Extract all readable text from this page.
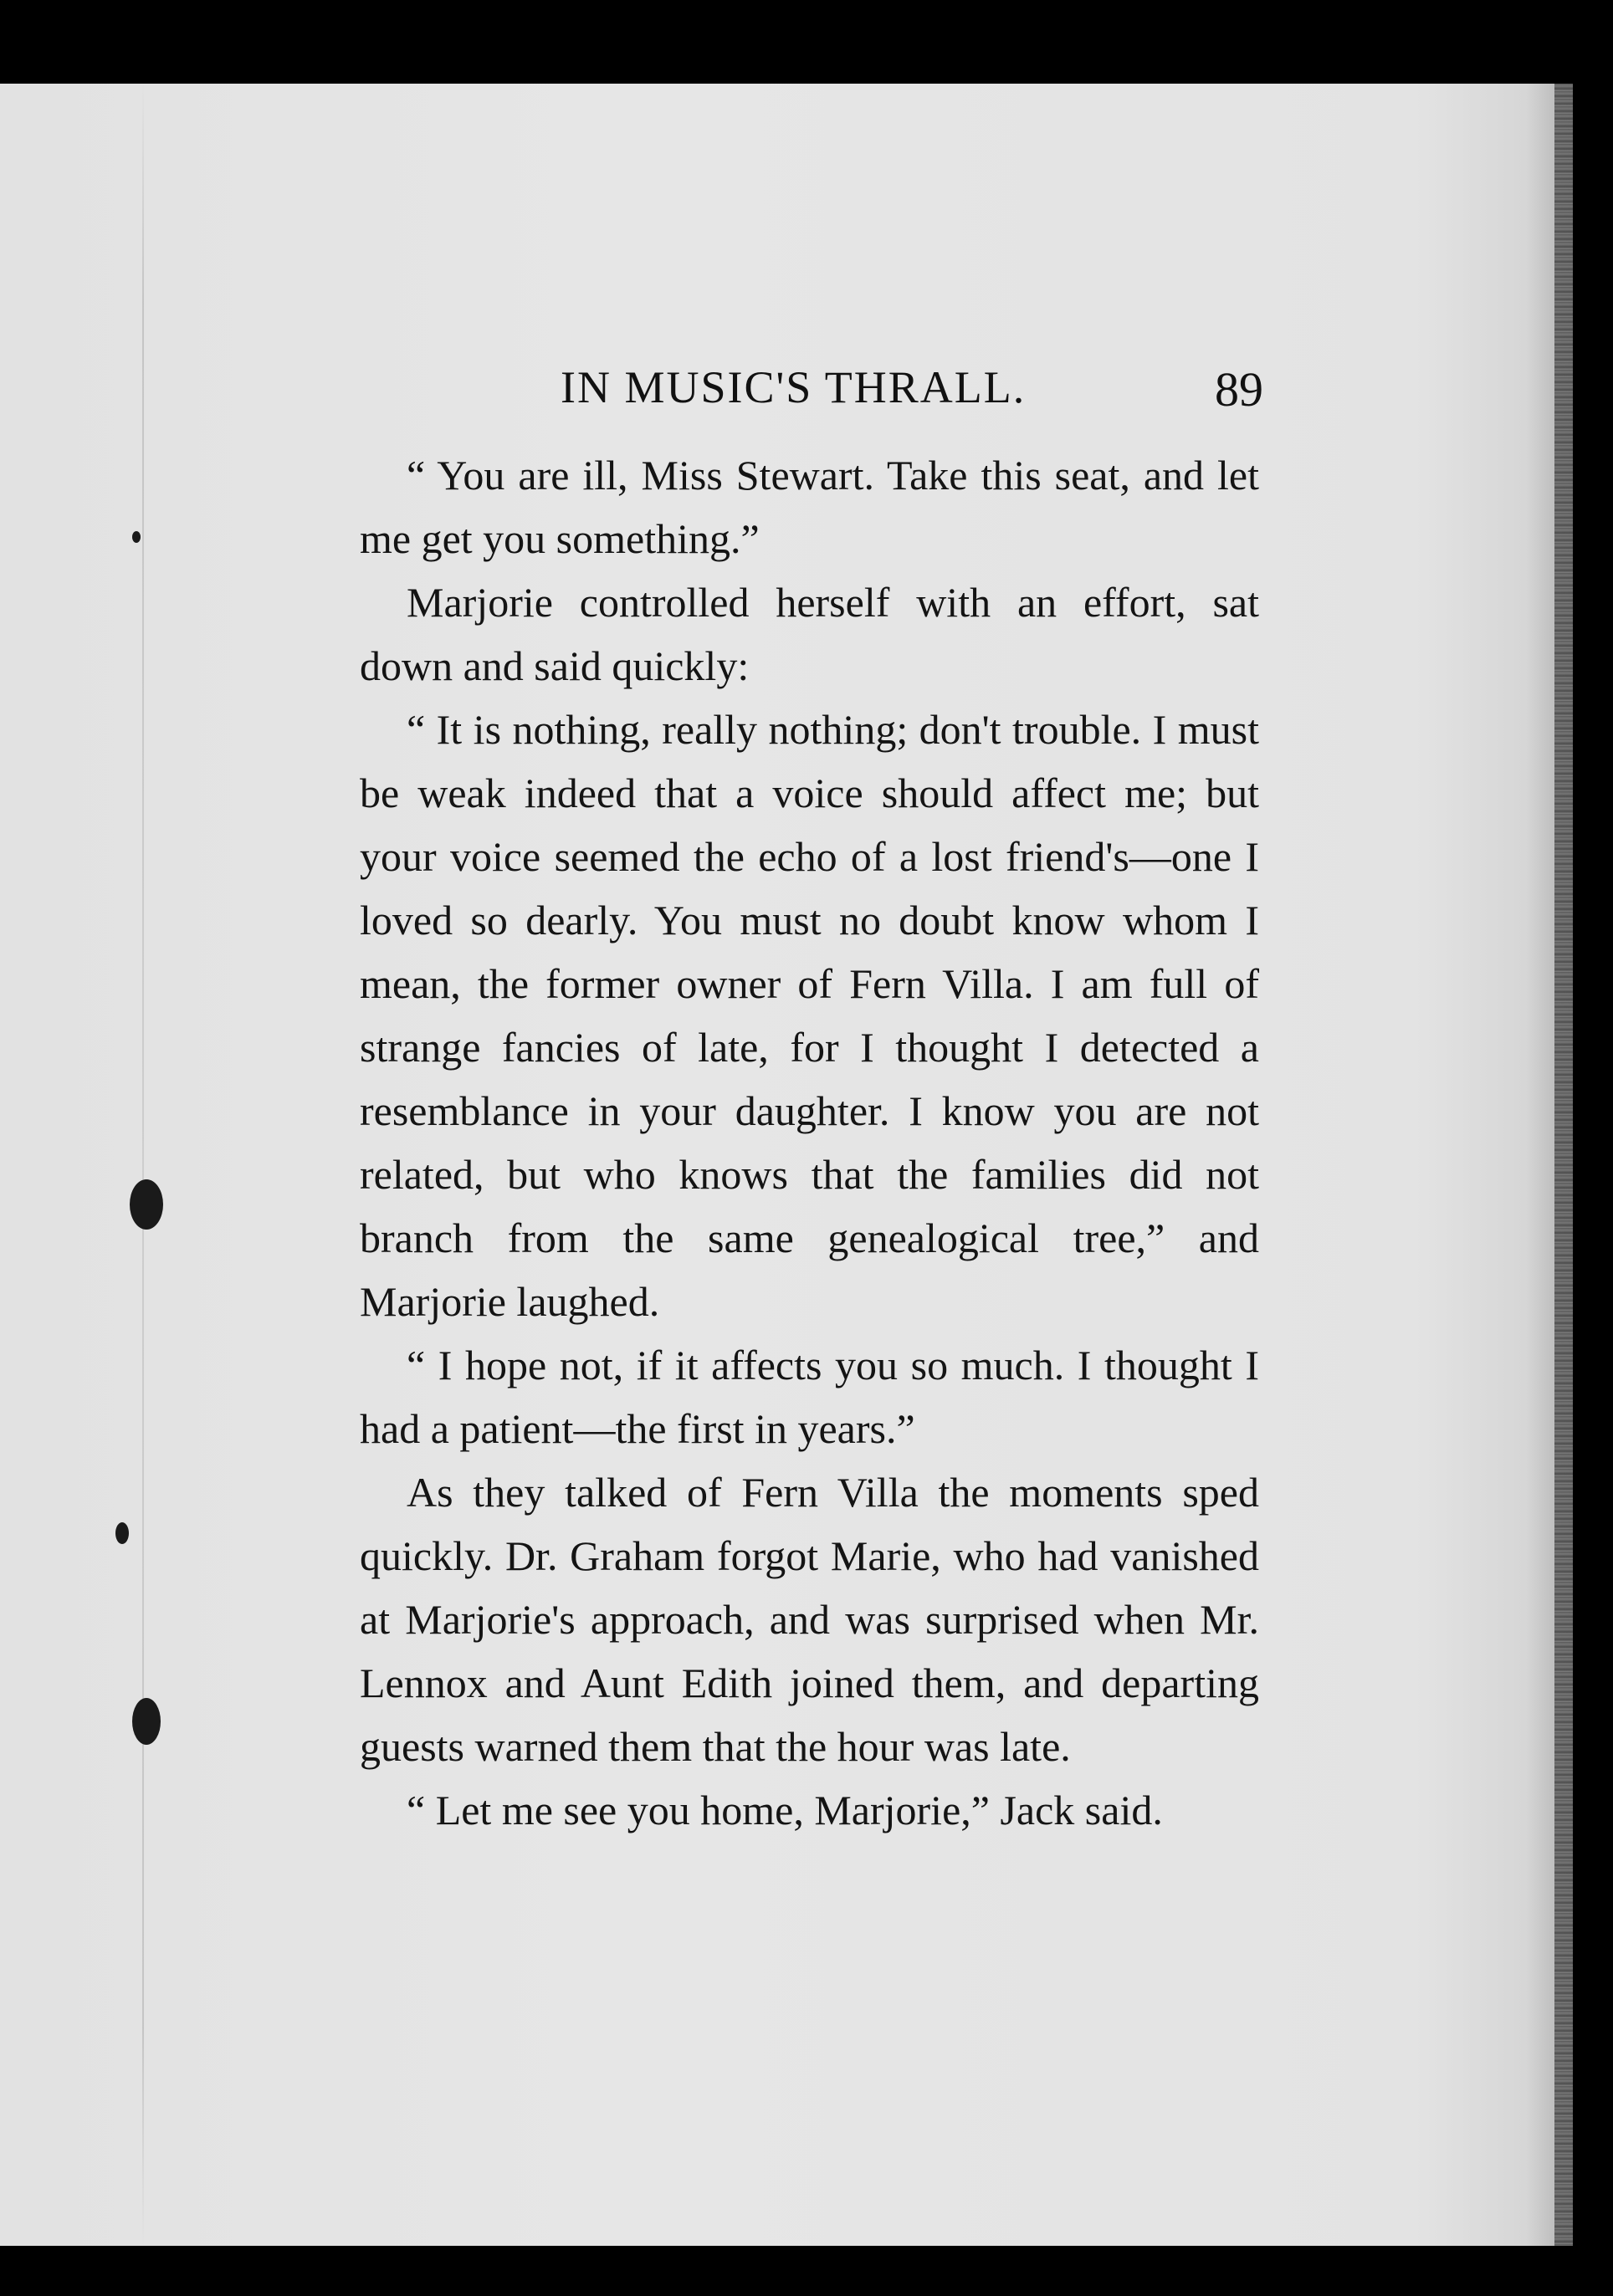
IN MUSIC'S THRALL.	89

“ You are ill, Miss Stewart. Take this seat, and let me get you something.”

Marjorie controlled herself with an effort, sat down and said quickly:

“ It is nothing, really nothing; don't trouble. I must be weak indeed that a voice should affect me; but your voice seemed the echo of a lost friend's—one I loved so dearly. You must no doubt know whom I mean, the former owner of Fern Villa. I am full of strange fancies of late, for I thought I detected a resemblance in your daughter. I know you are not related, but who knows that the families did not branch from the same genealogical tree,” and Marjorie laughed.

“ I hope not, if it affects you so much. I thought I had a patient—the first in years.”

As they talked of Fern Villa the moments sped quickly. Dr. Graham forgot Marie, who had vanished at Marjorie's approach, and was surprised when Mr. Lennox and Aunt Edith joined them, and departing guests warned them that the hour was late.

“ Let me see you home, Marjorie,” Jack said.
